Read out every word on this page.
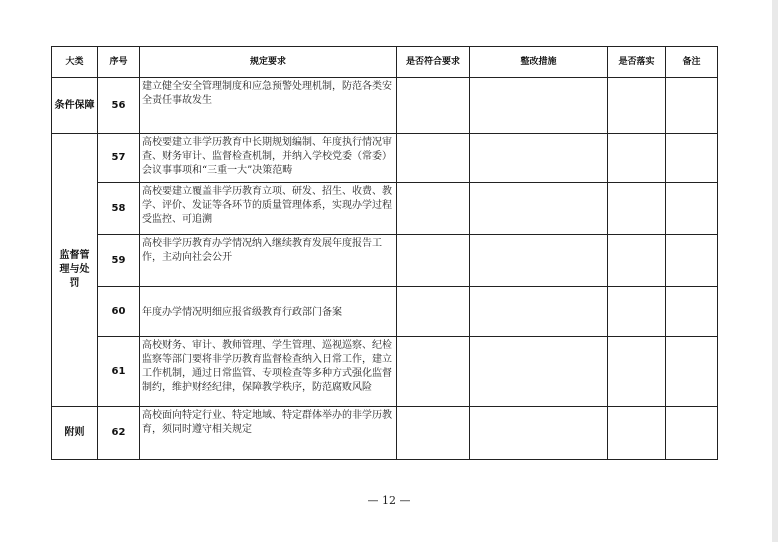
大类	序号	规定要求	是否符合要求	整改措施	是否落实	备注
条件保障	56	建立健全安全管理制度和应急预警处理机制，防范各类安全责任事故发生				
监督管理与处罚	57	高校要建立非学历教育中长期规划编制、年度执行情况审查、财务审计、监督检查机制，并纳入学校党委（常委）会议事事项和“三重一大”决策范畴				
	58	高校要建立覆盖非学历教育立项、研发、招生、收费、教学、评价、发证等各环节的质量管理体系，实现办学过程受监控、可追溯				
	59	高校非学历教育办学情况纳入继续教育发展年度报告工作，主动向社会公开				
	60	年度办学情况明细应报省级教育行政部门备案				
	61	高校财务、审计、教师管理、学生管理、巡视巡察、纪检监察等部门要将非学历教育监督检查纳入日常工作，建立工作机制，通过日常监管、专项检查等多种方式强化监督制约，维护财经纪律，保障教学秩序，防范腐败风险				
附则	62	高校面向特定行业、特定地域、特定群体举办的非学历教育，须同时遵守相关规定				
— 12 —
